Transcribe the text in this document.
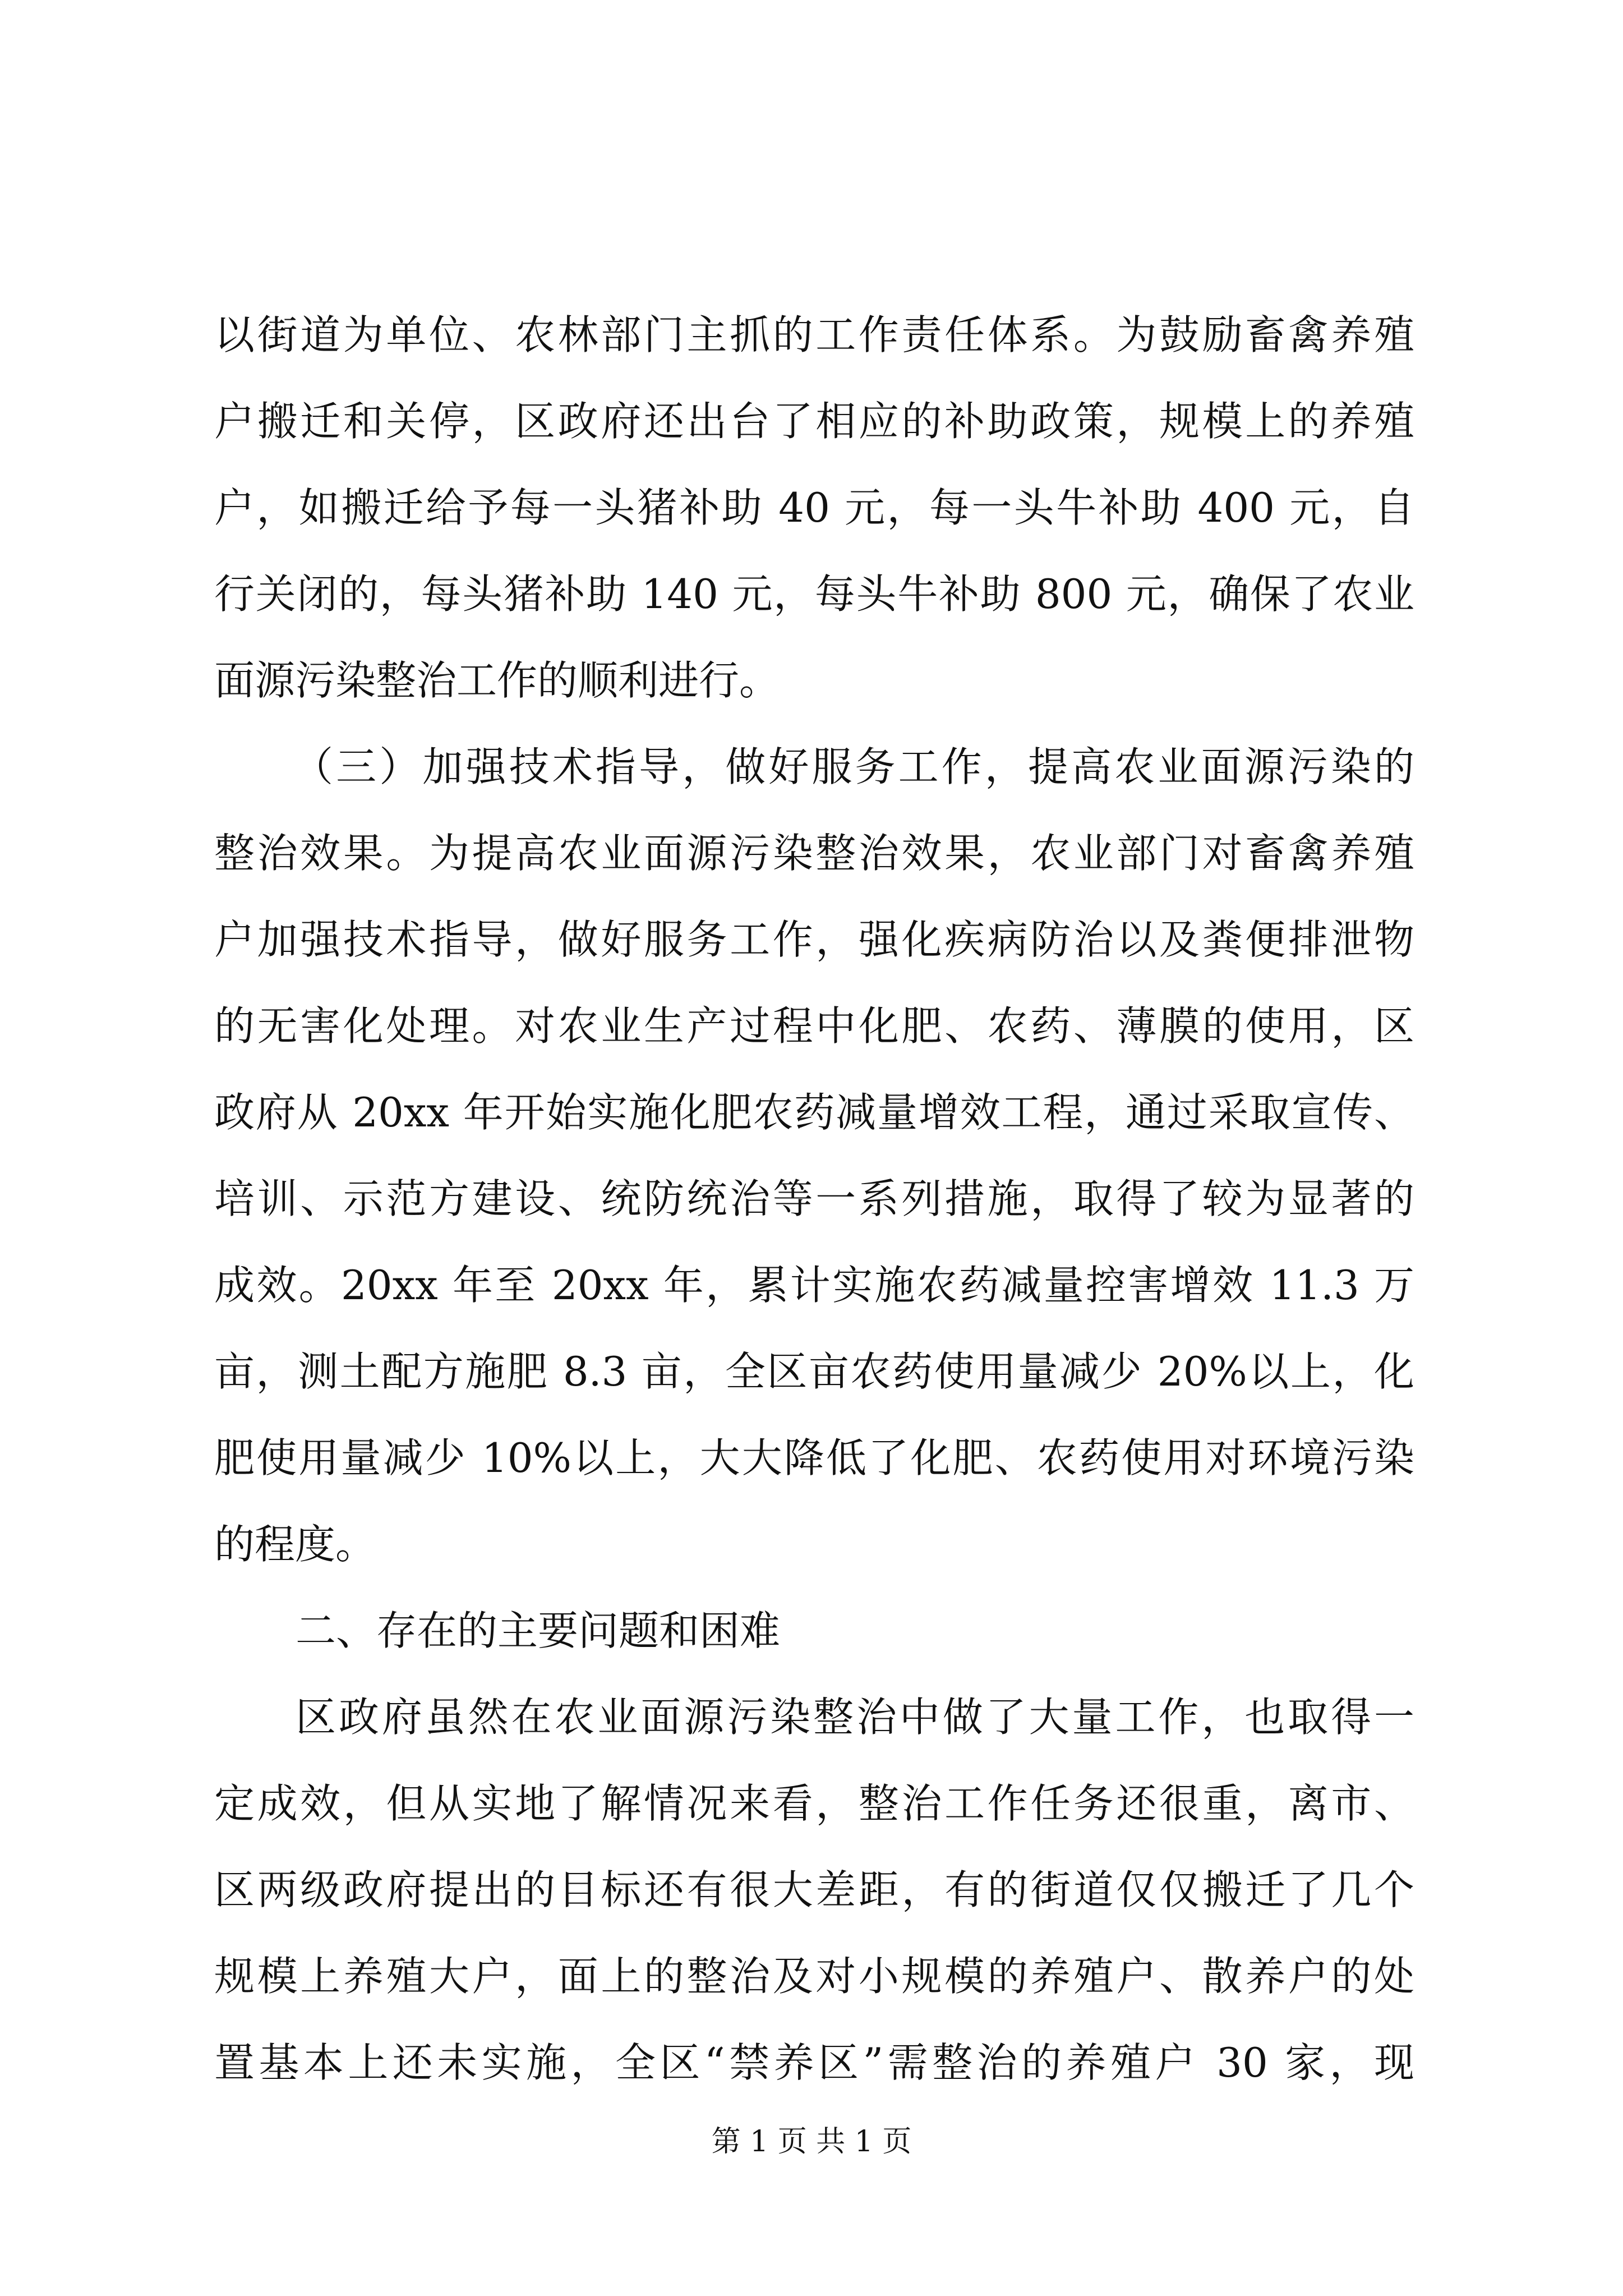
以街道为单位、农林部门主抓的工作责任体系。为鼓励畜禽养殖
户搬迁和关停，区政府还出台了相应的补助政策，规模上的养殖
户，如搬迁给予每一头猪补助 40 元，每一头牛补助 400 元，自
行关闭的，每头猪补助 140 元，每头牛补助 800 元，确保了农业
面源污染整治工作的顺利进行。
（三）加强技术指导，做好服务工作，提高农业面源污染的
整治效果。为提高农业面源污染整治效果，农业部门对畜禽养殖
户加强技术指导，做好服务工作，强化疾病防治以及粪便排泄物
的无害化处理。对农业生产过程中化肥、农药、薄膜的使用，区
政府从 20xx 年开始实施化肥农药减量增效工程，通过采取宣传、
培训、示范方建设、统防统治等一系列措施，取得了较为显著的
成效。20xx 年至 20xx 年，累计实施农药减量控害增效 11.3 万
亩，测土配方施肥 8.3 亩，全区亩农药使用量减少 20%以上，化
肥使用量减少 10%以上，大大降低了化肥、农药使用对环境污染
的程度。
二、存在的主要问题和困难
区政府虽然在农业面源污染整治中做了大量工作，也取得一
定成效，但从实地了解情况来看，整治工作任务还很重，离市、
区两级政府提出的目标还有很大差距，有的街道仅仅搬迁了几个
规模上养殖大户，面上的整治及对小规模的养殖户、散养户的处
置基本上还未实施，全区“禁养区”需整治的养殖户 30 家，现
第 1 页 共 1 页
